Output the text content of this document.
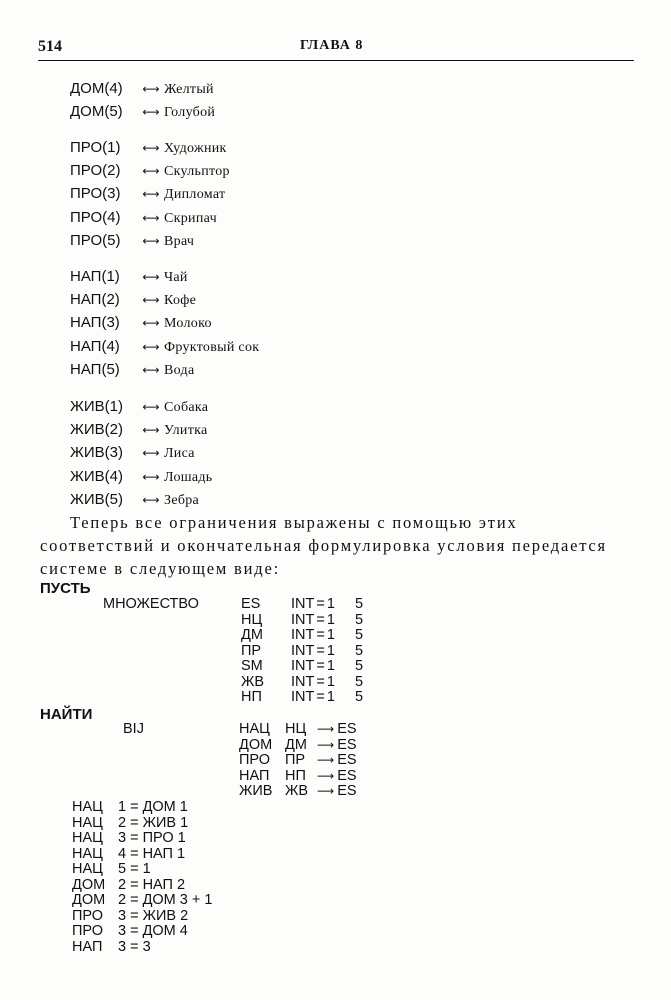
514	ГЛАВА 8
ДОМ(4) ⟷ Желтый
ДОМ(5) ⟷ Голубой
ПРО(1) ⟷ Художник
ПРО(2) ⟷ Скульптор
ПРО(3) ⟷ Дипломат
ПРО(4) ⟷ Скрипач
ПРО(5) ⟷ Врач
НАП(1) ⟷ Чай
НАП(2) ⟷ Кофе
НАП(3) ⟷ Молоко
НАП(4) ⟷ Фруктовый сок
НАП(5) ⟷ Вода
ЖИВ(1) ⟷ Собака
ЖИВ(2) ⟷ Улитка
ЖИВ(3) ⟷ Лиса
ЖИВ(4) ⟷ Лошадь
ЖИВ(5) ⟷ Зебра
Теперь все ограничения выражены с помощью этих соответствий и окончательная формулировка условия передается системе в следующем виде:
ПУСТЬ
МНОЖЕСТВО	ES	INT = 1	5
НЦ	INT = 1	5
ДМ	INT = 1	5
ПР	INT = 1	5
SM	INT = 1	5
ЖВ	INT = 1	5
НП	INT = 1	5
НАЙТИ
BIJ	НАЦ	НЦ	⟶	ES
ДОМ	ДМ	⟶	ES
ПРО	ПР	⟶	ES
НАП	НП	⟶	ES
ЖИВ	ЖВ	⟶	ES
НАЦ	1	= ДОМ 1
НАЦ	2	= ЖИВ 1
НАЦ	3	= ПРО 1
НАЦ	4	= НАП 1
НАЦ	5	= 1
ДОМ	2	= НАП 2
ДОМ	2	= ДОМ 3 + 1
ПРО	3	= ЖИВ 2
ПРО	3	= ДОМ 4
НАП	3	= 3
